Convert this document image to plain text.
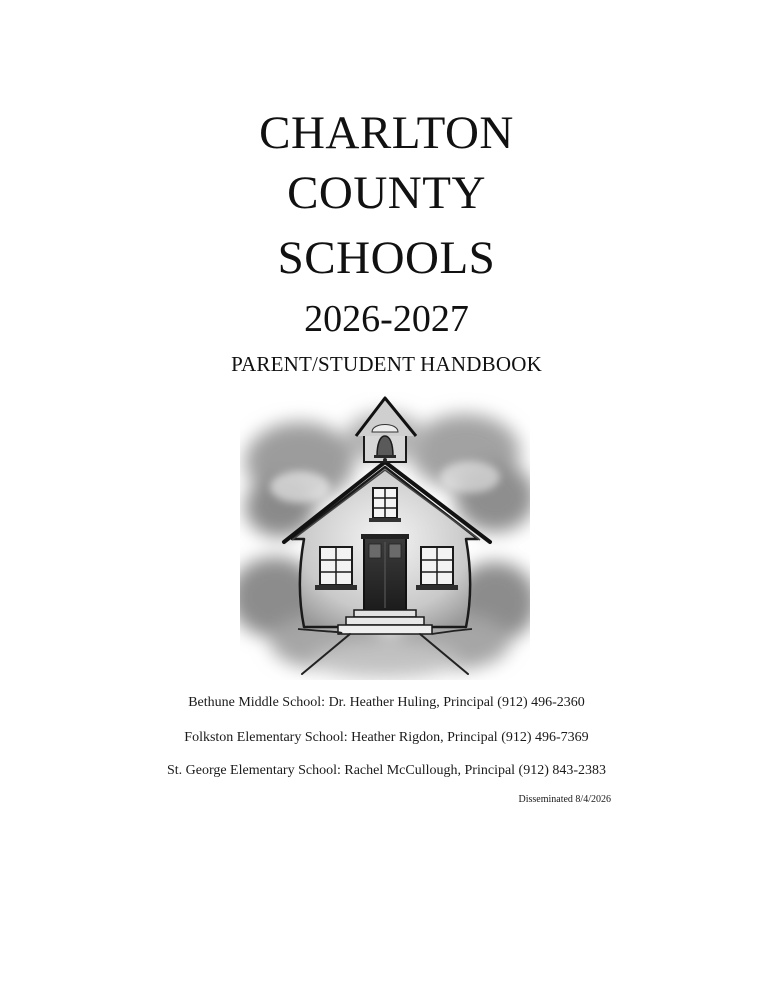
CHARLTON
COUNTY
SCHOOLS
2026-2027
PARENT/STUDENT HANDBOOK
Bethune Middle School: Dr. Heather Huling, Principal (912) 496-2360
Folkston Elementary School: Heather Rigdon, Principal (912) 496-7369
St. George Elementary School: Rachel McCullough, Principal (912) 843-2383
Disseminated 8/4/2026
